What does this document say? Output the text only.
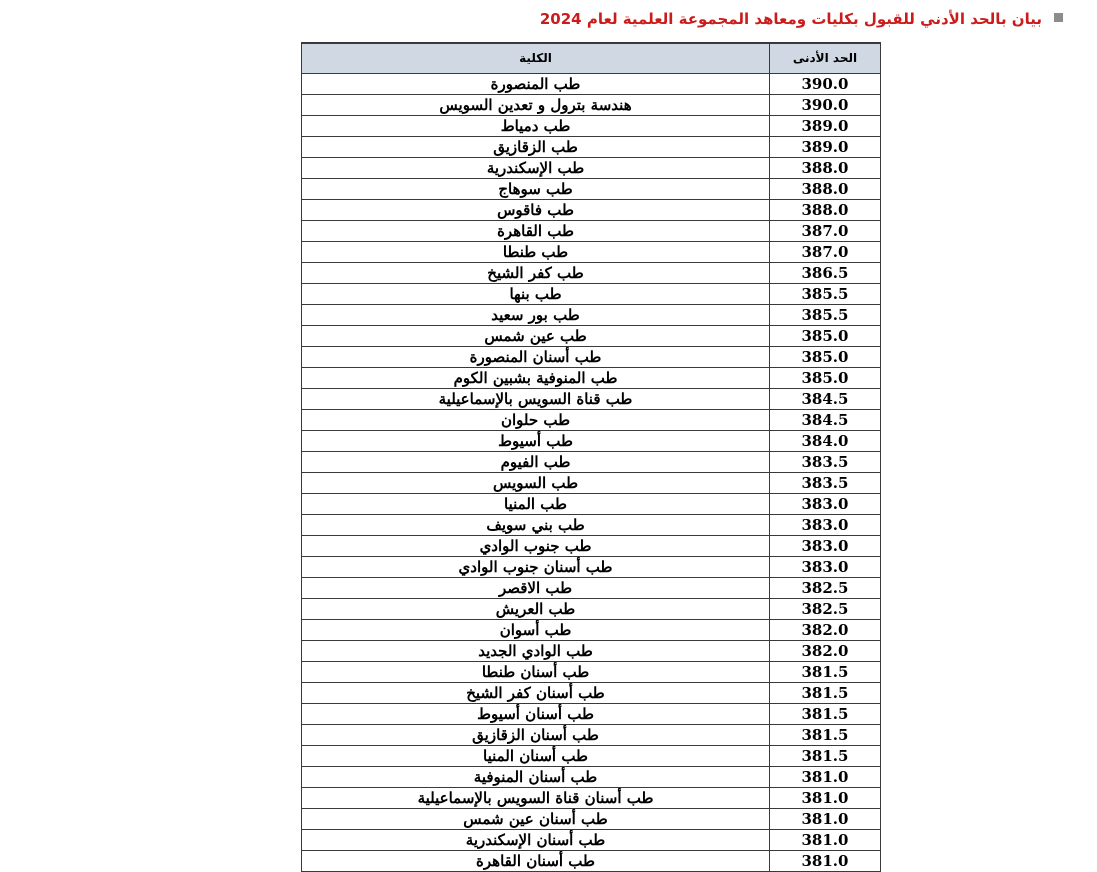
بيان بالحد الأدني للقبول بكليات ومعاهد المجموعة العلمية لعام 2024
الحد الأدنى	الكلية
390.0	طب المنصورة
390.0	هندسة بترول و تعدين السويس
389.0	طب دمياط
389.0	طب الزقازيق
388.0	طب الإسكندرية
388.0	طب سوهاج
388.0	طب فاقوس
387.0	طب القاهرة
387.0	طب طنطا
386.5	طب كفر الشيخ
385.5	طب بنها
385.5	طب بور سعيد
385.0	طب عين شمس
385.0	طب أسنان المنصورة
385.0	طب المنوفية بشبين الكوم
384.5	طب قناة السويس بالإسماعيلية
384.5	طب حلوان
384.0	طب أسيوط
383.5	طب الفيوم
383.5	طب السويس
383.0	طب المنيا
383.0	طب بني سويف
383.0	طب جنوب الوادي
383.0	طب أسنان جنوب الوادي
382.5	طب الاقصر
382.5	طب العريش
382.0	طب أسوان
382.0	طب الوادي الجديد
381.5	طب أسنان طنطا
381.5	طب أسنان كفر الشيخ
381.5	طب أسنان أسيوط
381.5	طب أسنان الزقازيق
381.5	طب أسنان المنيا
381.0	طب أسنان المنوفية
381.0	طب أسنان قناة السويس بالإسماعيلية
381.0	طب أسنان عين شمس
381.0	طب أسنان الإسكندرية
381.0	طب أسنان القاهرة
